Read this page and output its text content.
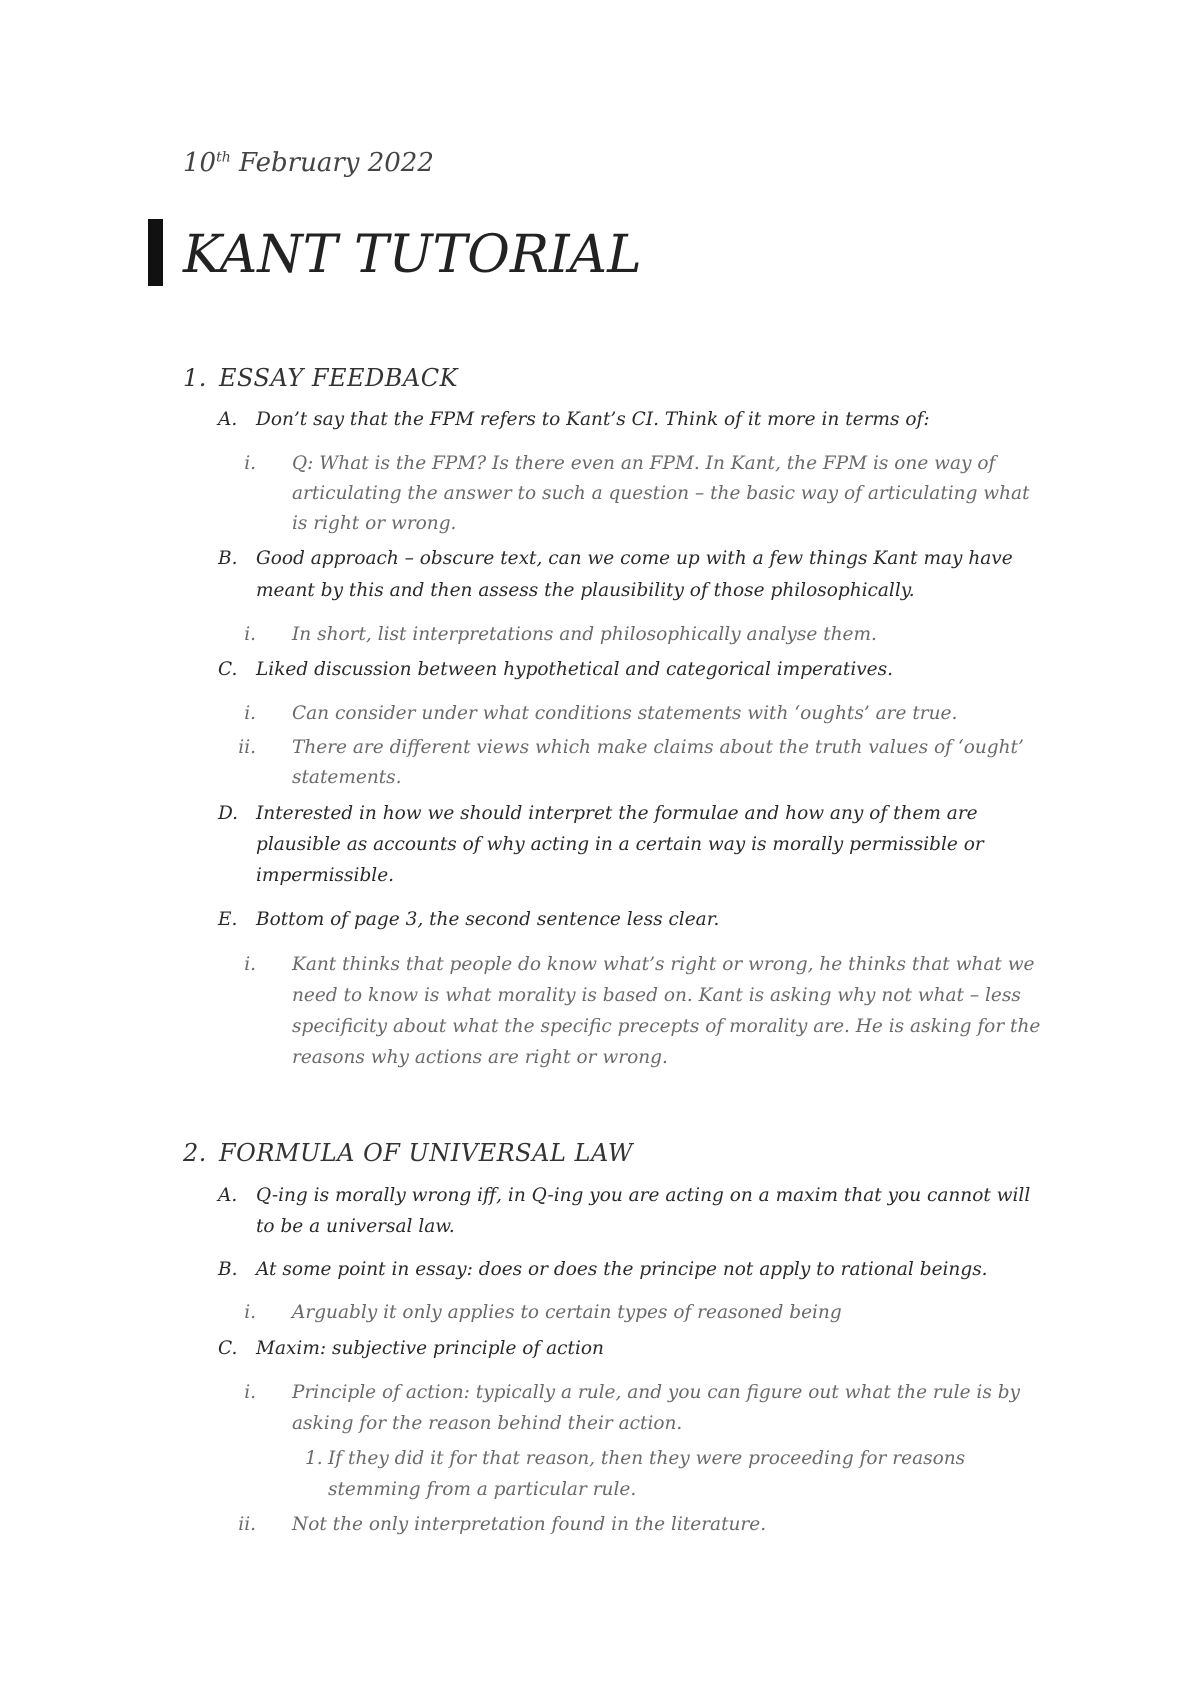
10th February 2022
KANT TUTORIAL
1. ESSAY FEEDBACK
A. Don’t say that the FPM refers to Kant’s CI. Think of it more in terms of:
i. Q: What is the FPM? Is there even an FPM. In Kant, the FPM is one way of
articulating the answer to such a question – the basic way of articulating what
is right or wrong.
B. Good approach – obscure text, can we come up with a few things Kant may have
meant by this and then assess the plausibility of those philosophically.
i. In short, list interpretations and philosophically analyse them.
C. Liked discussion between hypothetical and categorical imperatives.
i. Can consider under what conditions statements with ‘oughts’ are true.
ii. There are different views which make claims about the truth values of ‘ought’
statements.
D. Interested in how we should interpret the formulae and how any of them are
plausible as accounts of why acting in a certain way is morally permissible or
impermissible.
E. Bottom of page 3, the second sentence less clear.
i. Kant thinks that people do know what’s right or wrong, he thinks that what we
need to know is what morality is based on. Kant is asking why not what – less
specificity about what the specific precepts of morality are. He is asking for the
reasons why actions are right or wrong.
2. FORMULA OF UNIVERSAL LAW
A. Q-ing is morally wrong iff, in Q-ing you are acting on a maxim that you cannot will
to be a universal law.
B. At some point in essay: does or does the principe not apply to rational beings.
i. Arguably it only applies to certain types of reasoned being
C. Maxim: subjective principle of action
i. Principle of action: typically a rule, and you can figure out what the rule is by
asking for the reason behind their action.
1. If they did it for that reason, then they were proceeding for reasons
stemming from a particular rule.
ii. Not the only interpretation found in the literature.
